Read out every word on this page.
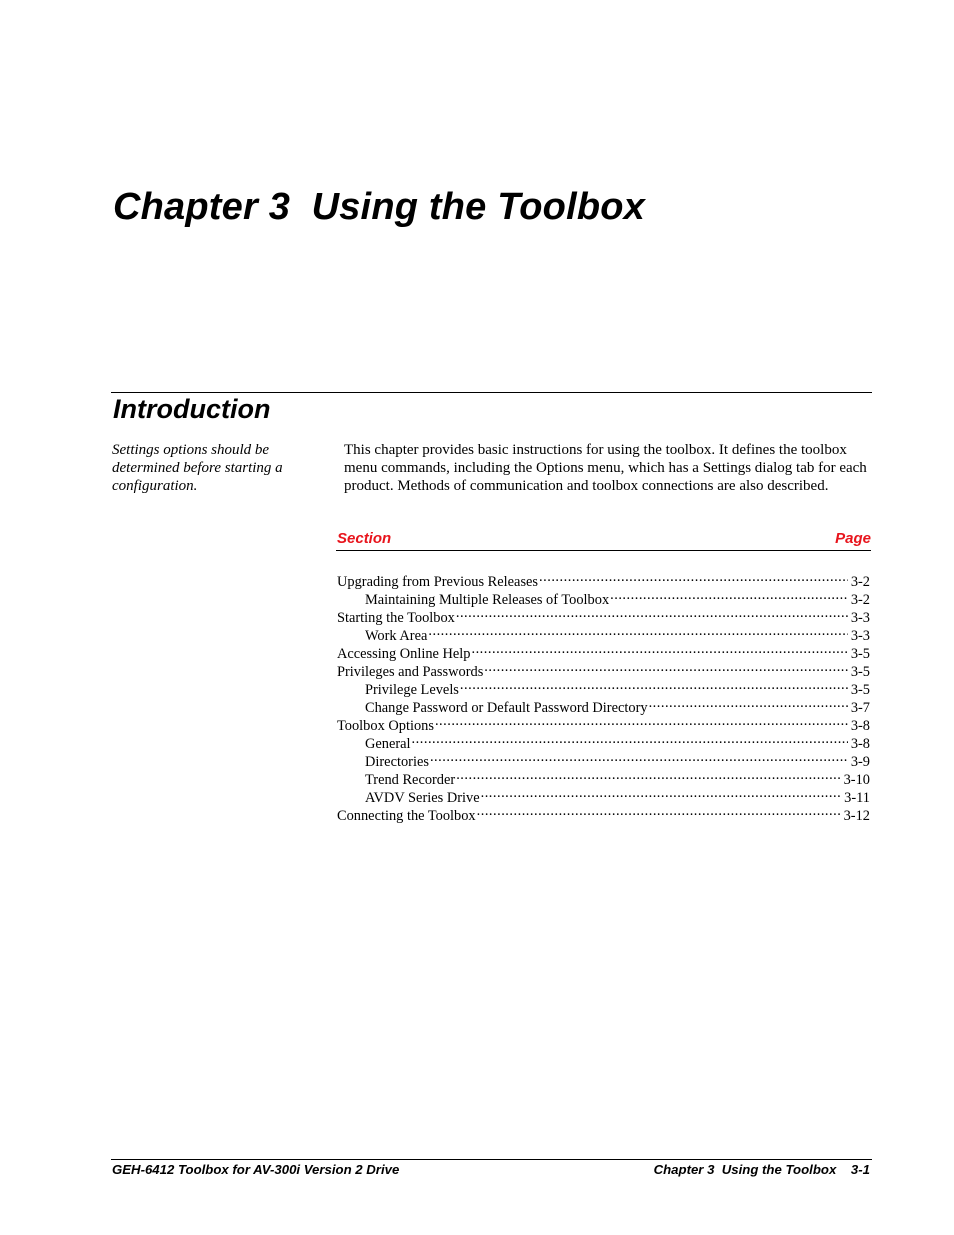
Chapter 3  Using the Toolbox
Introduction
Settings options should be determined before starting a configuration.

This chapter provides basic instructions for using the toolbox. It defines the toolbox menu commands, including the Options menu, which has a Settings dialog tab for each product. Methods of communication and toolbox connections are also described.

Section	Page
Upgrading from Previous Releases .....	3-2
Maintaining Multiple Releases of Toolbox .....	3-2
Starting the Toolbox .....	3-3
Work Area .....	3-3
Accessing Online Help .....	3-5
Privileges and Passwords .....	3-5
Privilege Levels .....	3-5
Change Password or Default Password Directory .....	3-7
Toolbox Options .....	3-8
General .....	3-8
Directories .....	3-9
Trend Recorder .....	3-10
AVDV Series Drive .....	3-11
Connecting the Toolbox .....	3-12
GEH-6412 Toolbox for AV-300i Version 2 Drive	Chapter 3  Using the Toolbox    3-1
